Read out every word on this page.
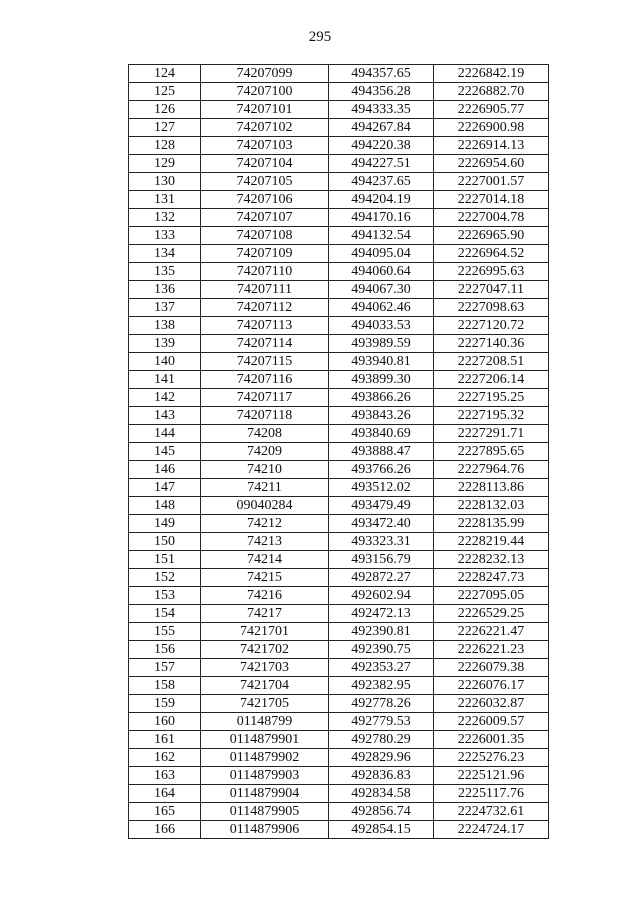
295
124	74207099	494357.65	2226842.19
125	74207100	494356.28	2226882.70
126	74207101	494333.35	2226905.77
127	74207102	494267.84	2226900.98
128	74207103	494220.38	2226914.13
129	74207104	494227.51	2226954.60
130	74207105	494237.65	2227001.57
131	74207106	494204.19	2227014.18
132	74207107	494170.16	2227004.78
133	74207108	494132.54	2226965.90
134	74207109	494095.04	2226964.52
135	74207110	494060.64	2226995.63
136	74207111	494067.30	2227047.11
137	74207112	494062.46	2227098.63
138	74207113	494033.53	2227120.72
139	74207114	493989.59	2227140.36
140	74207115	493940.81	2227208.51
141	74207116	493899.30	2227206.14
142	74207117	493866.26	2227195.25
143	74207118	493843.26	2227195.32
144	74208	493840.69	2227291.71
145	74209	493888.47	2227895.65
146	74210	493766.26	2227964.76
147	74211	493512.02	2228113.86
148	09040284	493479.49	2228132.03
149	74212	493472.40	2228135.99
150	74213	493323.31	2228219.44
151	74214	493156.79	2228232.13
152	74215	492872.27	2228247.73
153	74216	492602.94	2227095.05
154	74217	492472.13	2226529.25
155	7421701	492390.81	2226221.47
156	7421702	492390.75	2226221.23
157	7421703	492353.27	2226079.38
158	7421704	492382.95	2226076.17
159	7421705	492778.26	2226032.87
160	01148799	492779.53	2226009.57
161	0114879901	492780.29	2226001.35
162	0114879902	492829.96	2225276.23
163	0114879903	492836.83	2225121.96
164	0114879904	492834.58	2225117.76
165	0114879905	492856.74	2224732.61
166	0114879906	492854.15	2224724.17
